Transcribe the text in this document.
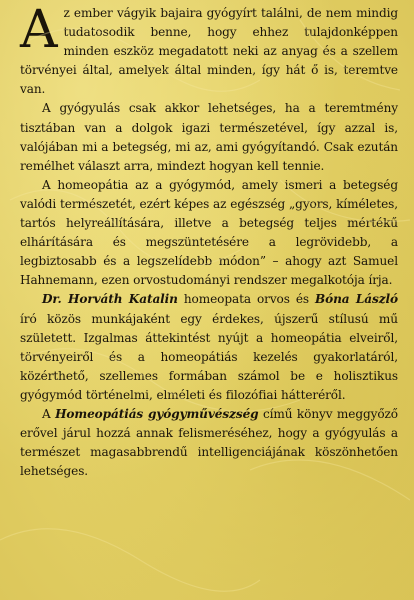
Az ember vágyik bajaira gyógyírt találni, de nem mindig tudatosodik benne, hogy ehhez tulajdonképpen minden eszköz megadatott neki az anyag és a szellem törvényei által, amelyek által minden, így hát ő is, teremtve van.

A gyógyulás csak akkor lehetséges, ha a teremtmény tisztában van a dolgok igazi természetével, így azzal is, valójában mi a betegség, mi az, ami gyógyítandó. Csak ezután remélhet választ arra, mindezt hogyan kell tennie.

A homeopátia az a gyógymód, amely ismeri a betegség valódi természetét, ezért képes az egészség „gyors, kíméletes, tartós helyreállítására, illetve a betegség teljes mértékű elhárítására és megszüntetésére a legrövidebb, a legbiztosabb és a legszelídebb módon” – ahogy azt Samuel Hahnemann, ezen orvostudományi rendszer megalkotója írja.

Dr. Horváth Katalin homeopata orvos és Bóna László író közös munkájaként egy érdekes, újszerű stílusú mű született. Izgalmas áttekintést nyújt a homeopátia elveiről, törvényeiről és a homeopátiás kezelés gyakorlatáról, közérthető, szellemes formában számol be e holisztikus gyógymód történelmi, elméleti és filozófiai hátteréről.

A Homeopátiás gyógyművészség című könyv meggyőző erővel járul hozzá annak felismeréséhez, hogy a gyógyulás a természet magasabbrendű intelligenciájának köszönhetően lehetséges.
